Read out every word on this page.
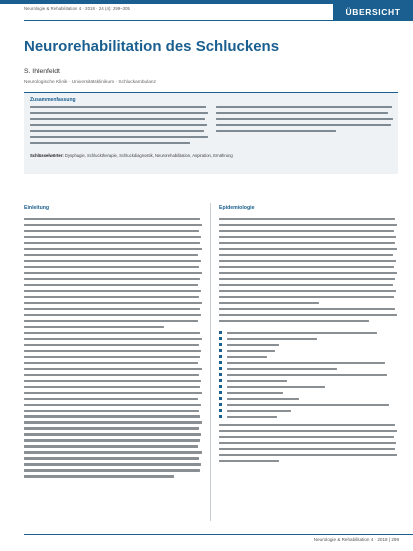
Neurologie & Rehabilitation 4 · 2018 · 24 (4): 299–305	ÜBERSICHT
Neurorehabilitation des Schluckens
S. Ihlenfeldt
Neurologische Klinik · Universitätsklinikum · Schluckambulanz
Zusammenfassung
Schlüsselwörter: Dysphagie, Schlucktherapie, Schluckdiagnostik, Neurorehabilitation, Aspiration, Ernährung
Einleitung	Epidemiologie
Neurologie & Rehabilitation 4 · 2018 | 299
